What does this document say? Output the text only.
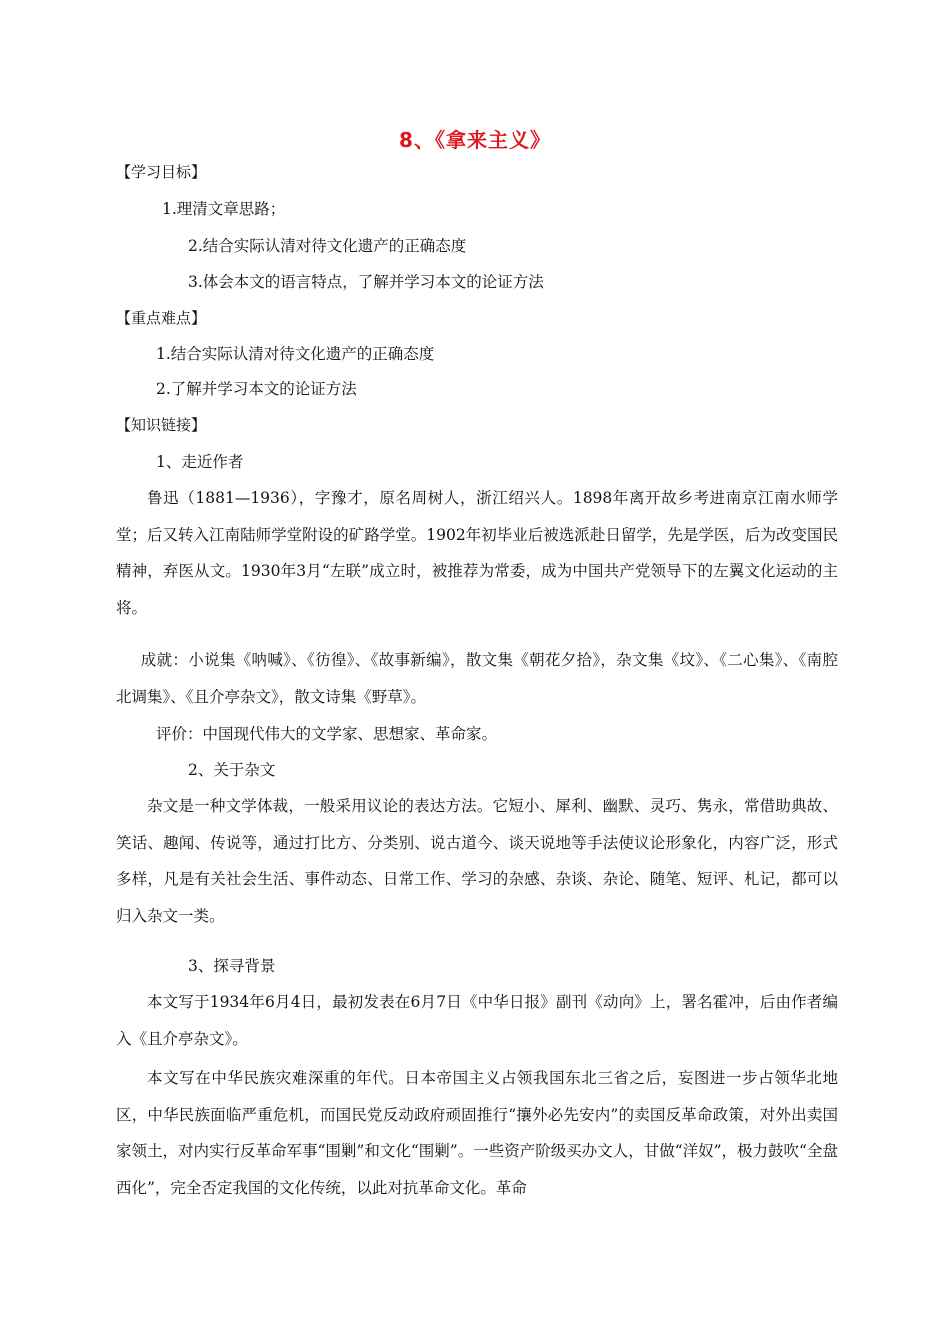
8、《拿来主义》
【学习目标】
1.理清文章思路；
2.结合实际认清对待文化遗产的正确态度
3.体会本文的语言特点，了解并学习本文的论证方法
【重点难点】
1.结合实际认清对待文化遗产的正确态度
2.了解并学习本文的论证方法
【知识链接】
1、走近作者
鲁迅（1881—1936），字豫才，原名周树人，浙江绍兴人。1898年离开故乡考进南京江南水师学堂；后又转入江南陆师学堂附设的矿路学堂。1902年初毕业后被选派赴日留学，先是学医，后为改变国民精神，弃医从文。1930年3月“左联”成立时，被推荐为常委，成为中国共产党领导下的左翼文化运动的主将。
成就：小说集《呐喊》、《彷徨》、《故事新编》，散文集《朝花夕拾》，杂文集《坟》、《二心集》、《南腔北调集》、《且介亭杂文》，散文诗集《野草》。
评价：中国现代伟大的文学家、思想家、革命家。
2、关于杂文
杂文是一种文学体裁，一般采用议论的表达方法。它短小、犀利、幽默、灵巧、隽永，常借助典故、笑话、趣闻、传说等，通过打比方、分类别、说古道今、谈天说地等手法使议论形象化，内容广泛，形式多样，凡是有关社会生活、事件动态、日常工作、学习的杂感、杂谈、杂论、随笔、短评、札记，都可以归入杂文一类。
3、探寻背景
本文写于1934年6月4日，最初发表在6月7日《中华日报》副刊《动向》上，署名霍冲，后由作者编入《且介亭杂文》。
本文写在中华民族灾难深重的年代。日本帝国主义占领我国东北三省之后，妄图进一步占领华北地区，中华民族面临严重危机，而国民党反动政府顽固推行“攘外必先安内”的卖国反革命政策，对外出卖国家领土，对内实行反革命军事“围剿”和文化“围剿”。一些资产阶级买办文人，甘做“洋奴”，极力鼓吹“全盘西化”，完全否定我国的文化传统，以此对抗革命文化。革命
